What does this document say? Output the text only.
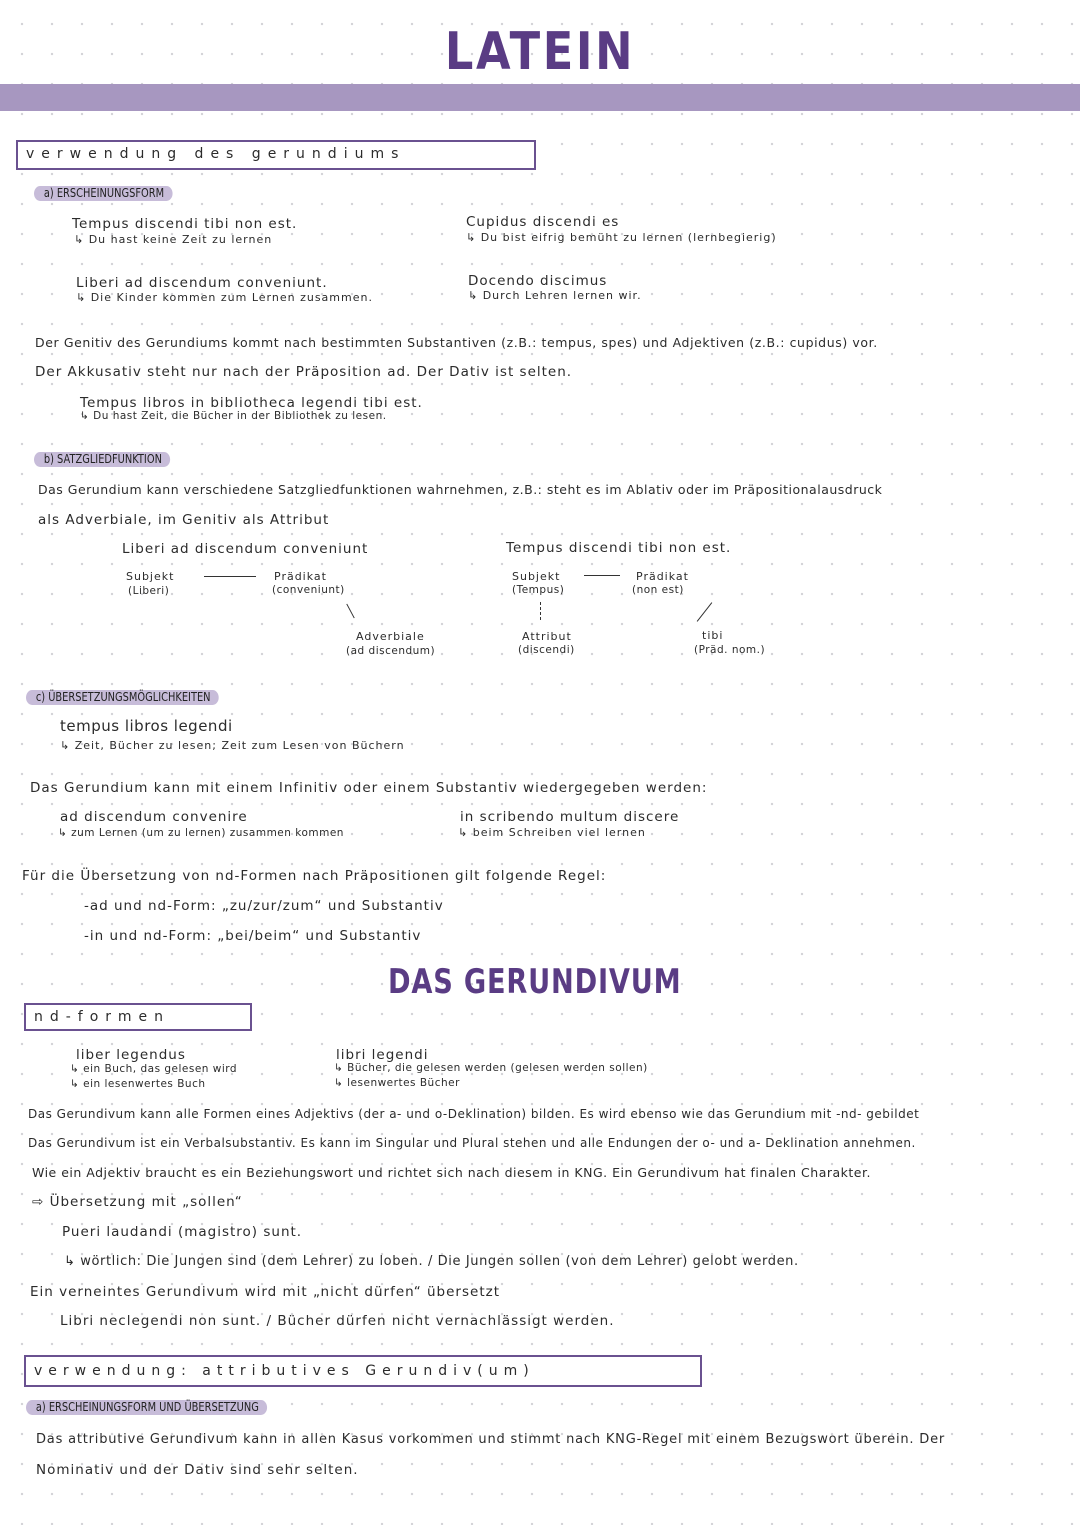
LATEIN
verwendung des gerundiums
a) ERSCHEINUNGSFORM
Tempus discendi tibi non est.
↳ Du hast keine Zeit zu lernen
Cupidus discendi es
↳ Du bist eifrig bemüht zu lernen (lernbegierig)
Liberi ad discendum conveniunt.
↳ Die Kinder kommen zum Lernen zusammen.
Docendo discimus
↳ Durch Lehren lernen wir.
Der Genitiv des Gerundiums kommt nach bestimmten Substantiven (z.B.: tempus, spes) und Adjektiven (z.B.: cupidus) vor.
Der Akkusativ steht nur nach der Präposition ad. Der Dativ ist selten.
Tempus libros in bibliotheca legendi tibi est.
↳ Du hast Zeit, die Bücher in der Bibliothek zu lesen.
b) SATZGLIEDFUNKTION
Das Gerundium kann verschiedene Satzgliedfunktionen wahrnehmen, z.B.: steht es im Ablativ oder im Präpositionalausdruck
als Adverbiale, im Genitiv als Attribut
Liberi ad discendum conveniunt
Subjekt
(Liberi)
Prädikat
(conveniunt)
Adverbiale
(ad discendum)
Tempus discendi tibi non est.
Subjekt
(Tempus)
Prädikat
(non est)
Attribut
(discendi)
tibi
(Präd. nom.)
c) ÜBERSETZUNGSMÖGLICHKEITEN
tempus libros legendi
↳ Zeit, Bücher zu lesen; Zeit zum Lesen von Büchern
Das Gerundium kann mit einem Infinitiv oder einem Substantiv wiedergegeben werden:
ad discendum convenire
↳ zum Lernen (um zu lernen) zusammen kommen
in scribendo multum discere
↳ beim Schreiben viel lernen
Für die Übersetzung von nd-Formen nach Präpositionen gilt folgende Regel:
-ad und nd-Form: „zu/zur/zum“ und Substantiv
-in und nd-Form: „bei/beim“ und Substantiv
DAS GERUNDIVUM
nd-formen
liber legendus
↳ ein Buch, das gelesen wird
↳ ein lesenwertes Buch
libri legendi
↳ Bücher, die gelesen werden (gelesen werden sollen)
↳ lesenwertes Bücher
Das Gerundivum kann alle Formen eines Adjektivs (der a- und o-Deklination) bilden. Es wird ebenso wie das Gerundium mit -nd- gebildet
Das Gerundivum ist ein Verbalsubstantiv. Es kann im Singular und Plural stehen und alle Endungen der o- und a- Deklination annehmen.
Wie ein Adjektiv braucht es ein Beziehungswort und richtet sich nach diesem in KNG. Ein Gerundivum hat finalen Charakter.
⇨ Übersetzung mit „sollen“
Pueri laudandi (magistro) sunt.
↳ wörtlich: Die Jungen sind (dem Lehrer) zu loben. / Die Jungen sollen (von dem Lehrer) gelobt werden.
Ein verneintes Gerundivum wird mit „nicht dürfen“ übersetzt
Libri neclegendi non sunt. / Bücher dürfen nicht vernachlässigt werden.
verwendung: attributives Gerundiv(um)
a) ERSCHEINUNGSFORM UND ÜBERSETZUNG
Das attributive Gerundivum kann in allen Kasus vorkommen und stimmt nach KNG-Regel mit einem Bezugswort überein. Der
Nominativ und der Dativ sind sehr selten.
